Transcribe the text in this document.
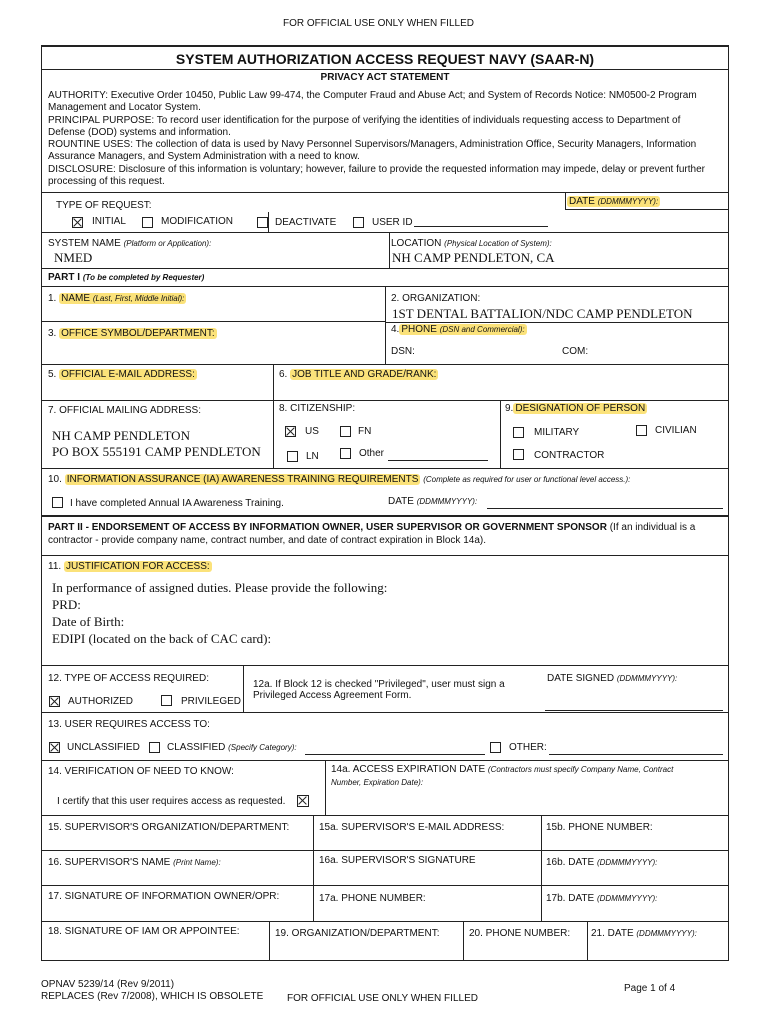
FOR OFFICIAL USE ONLY WHEN FILLED
SYSTEM AUTHORIZATION ACCESS REQUEST NAVY (SAAR-N)
PRIVACY ACT STATEMENT
AUTHORITY: Executive Order 10450, Public Law 99-474, the Computer Fraud and Abuse Act; and System of Records Notice: NM0500-2 Program Management and Locator System.
PRINCIPAL PURPOSE: To record user identification for the purpose of verifying the identities of individuals requesting access to Department of Defense (DOD) systems and information.
ROUNTINE USES: The collection of data is used by Navy Personnel Supervisors/Managers, Administration Office, Security Managers, Information Assurance Managers, and System Administration with a need to know.
DISCLOSURE: Disclosure of this information is voluntary; however, failure to provide the requested information may impede, delay or prevent further processing of this request.
TYPE OF REQUEST:	DATE (DDMMMYYYY):
INITIAL	MODIFICATION	DEACTIVATE	USER ID
SYSTEM NAME (Platform or Application):
NMED
LOCATION (Physical Location of System):
NH CAMP PENDLETON, CA
PART I (To be completed by Requester)
1. NAME (Last, First, Middle Initial):	2. ORGANIZATION:
1ST DENTAL BATTALION/NDC CAMP PENDLETON
3. OFFICE SYMBOL/DEPARTMENT:	4. PHONE (DSN and Commercial):
DSN:	COM:
5. OFFICIAL E-MAIL ADDRESS:	6. JOB TITLE AND GRADE/RANK:
7. OFFICIAL MAILING ADDRESS:
NH CAMP PENDLETON
PO BOX 555191 CAMP PENDLETON
8. CITIZENSHIP:
US	FN
LN	Other
9. DESIGNATION OF PERSON
MILITARY	CIVILIAN
CONTRACTOR
10. INFORMATION ASSURANCE (IA) AWARENESS TRAINING REQUIREMENTS (Complete as required for user or functional level access.):
I have completed Annual IA Awareness Training.	DATE (DDMMMYYYY):
PART II - ENDORSEMENT OF ACCESS BY INFORMATION OWNER, USER SUPERVISOR OR GOVERNMENT SPONSOR (If an individual is a
contractor - provide company name, contract number, and date of contract expiration in Block 14a).
11. JUSTIFICATION FOR ACCESS:
In performance of assigned duties. Please provide the following:
PRD:
Date of Birth:
EDIPI (located on the back of CAC card):
12. TYPE OF ACCESS REQUIRED:
AUTHORIZED	PRIVILEGED
12a. If Block 12 is checked "Privileged", user must sign a
Privileged Access Agreement Form.
DATE SIGNED (DDMMMYYYY):
13. USER REQUIRES ACCESS TO:
UNCLASSIFIED	CLASSIFIED (Specify Category):	OTHER:
14. VERIFICATION OF NEED TO KNOW:
I certify that this user requires access as requested.
14a. ACCESS EXPIRATION DATE (Contractors must specify Company Name, Contract
Number, Expiration Date):
15. SUPERVISOR'S ORGANIZATION/DEPARTMENT:	15a. SUPERVISOR'S E-MAIL ADDRESS:	15b. PHONE NUMBER:
16. SUPERVISOR'S NAME (Print Name):	16a. SUPERVISOR'S SIGNATURE	16b. DATE (DDMMMYYYY):
17. SIGNATURE OF INFORMATION OWNER/OPR:	17a. PHONE NUMBER:	17b. DATE (DDMMMYYYY):
18. SIGNATURE OF IAM OR APPOINTEE:	19. ORGANIZATION/DEPARTMENT:	20. PHONE NUMBER: 21. DATE (DDMMMYYYY):
OPNAV 5239/14 (Rev 9/2011)
REPLACES (Rev 7/2008), WHICH IS OBSOLETE FOR OFFICIAL USE ONLY WHEN FILLED
Page 1 of 4
